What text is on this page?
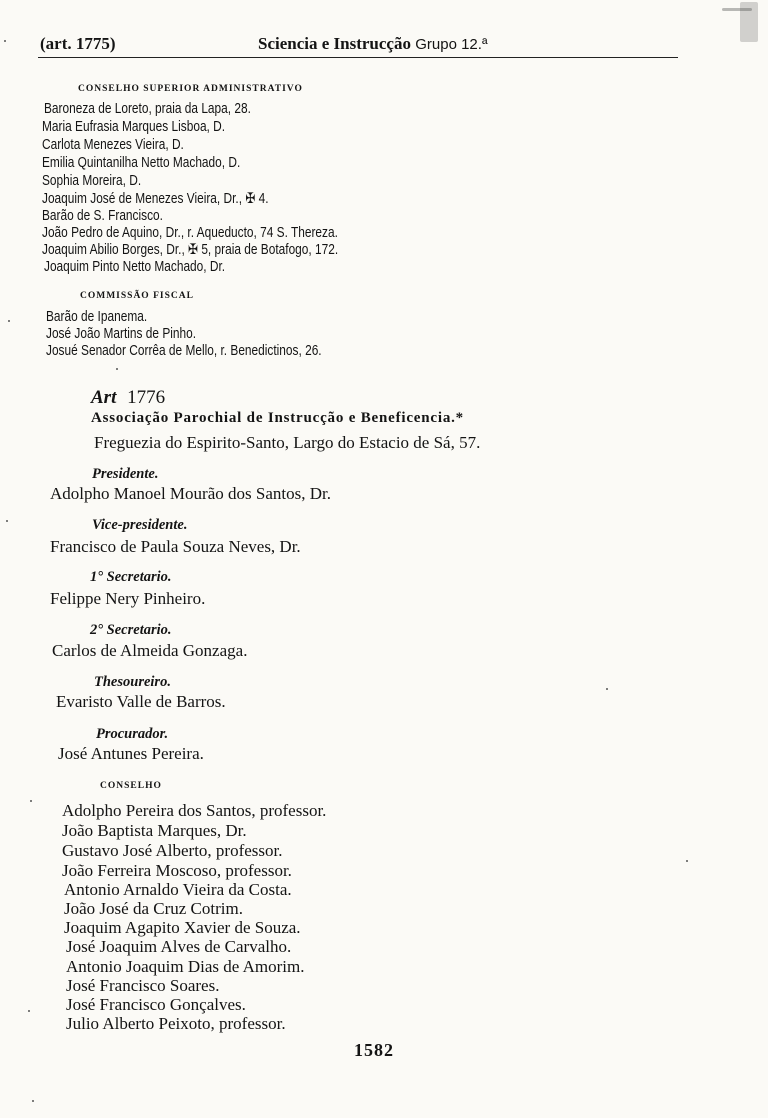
(art. 1775)	Sciencia e Instrucção Grupo 12.ª
CONSELHO SUPERIOR ADMINISTRATIVO
Baroneza de Loreto, praia da Lapa, 28.
Maria Eufrasia Marques Lisboa, D.
Carlota Menezes Vieira, D.
Emilia Quintanilha Netto Machado, D.
Sophia Moreira, D.
Joaquim José de Menezes Vieira, Dr., ✠ 4.
Barão de S. Francisco.
João Pedro de Aquino, Dr., r. Aqueducto, 74 S. Thereza.
Joaquim Abilio Borges, Dr., ✠ 5, praia de Botafogo, 172.
Joaquim Pinto Netto Machado, Dr.
COMMISSÃO FISCAL
Barão de Ipanema.
José João Martins de Pinho.
Josué Senador Corrêa de Mello, r. Benedictinos, 26.
Art 1776
Associação Parochial de Instrucção e Beneficencia.*
Freguezia do Espirito-Santo, Largo do Estacio de Sá, 57.
Presidente.
Adolpho Manoel Mourão dos Santos, Dr.
Vice-presidente.
Francisco de Paula Souza Neves, Dr.
1° Secretario.
Felippe Nery Pinheiro.
2° Secretario.
Carlos de Almeida Gonzaga.
Thesoureiro.
Evaristo Valle de Barros.
Procurador.
José Antunes Pereira.
CONSELHO
Adolpho Pereira dos Santos, professor.
João Baptista Marques, Dr.
Gustavo José Alberto, professor.
João Ferreira Moscoso, professor.
Antonio Arnaldo Vieira da Costa.
João José da Cruz Cotrim.
Joaquim Agapito Xavier de Souza.
José Joaquim Alves de Carvalho.
Antonio Joaquim Dias de Amorim.
José Francisco Soares.
José Francisco Gonçalves.
Julio Alberto Peixoto, professor.
1582
